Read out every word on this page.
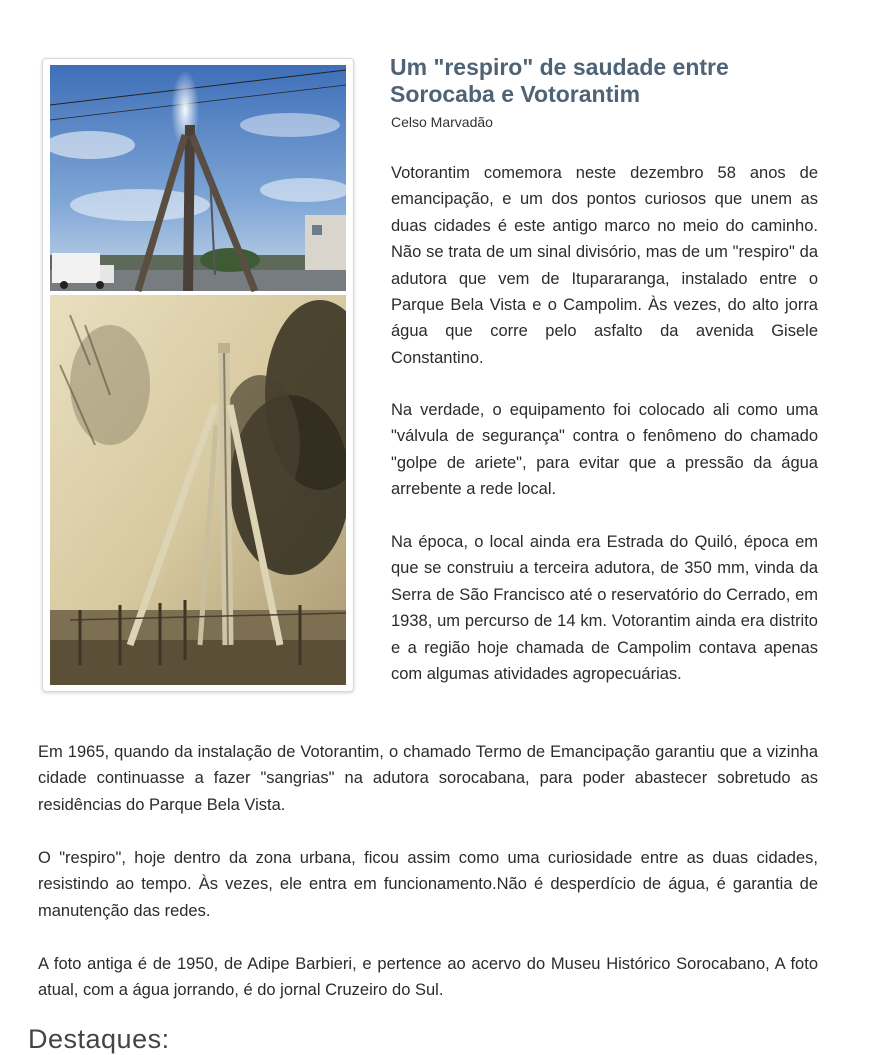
Um "respiro" de saudade entre Sorocaba e Votorantim
Celso Marvadão

Votorantim comemora neste dezembro 58 anos de emancipação, e um dos pontos curiosos que unem as duas cidades é este antigo marco no meio do caminho. Não se trata de um sinal divisório, mas de um "respiro" da adutora que vem de Itupararanga, instalado entre o Parque Bela Vista e o Campolim. Às vezes, do alto jorra água que corre pelo asfalto da avenida Gisele Constantino.

Na verdade, o equipamento foi colocado ali como uma "válvula de segurança" contra o fenômeno do chamado "golpe de ariete", para evitar que a pressão da água arrebente a rede local.

Na época, o local ainda era Estrada do Quiló, época em que se construiu a terceira adutora, de 350 mm, vinda da Serra de São Francisco até o reservatório do Cerrado, em 1938, um percurso de 14 km. Votorantim ainda era distrito e a região hoje chamada de Campolim contava apenas com algumas atividades agropecuárias.

Em 1965, quando da instalação de Votorantim, o chamado Termo de Emancipação garantiu que a vizinha cidade continuasse a fazer "sangrias" na adutora sorocabana, para poder abastecer sobretudo as residências do Parque Bela Vista.

O "respiro", hoje dentro da zona urbana, ficou assim como uma curiosidade entre as duas cidades, resistindo ao tempo. Às vezes, ele entra em funcionamento.Não é desperdício de água, é garantia de manutenção das redes.

A foto antiga é de 1950, de Adipe Barbieri, e pertence ao acervo do Museu Histórico Sorocabano, A foto atual, com a água jorrando, é do jornal Cruzeiro do Sul.

Destaques:
